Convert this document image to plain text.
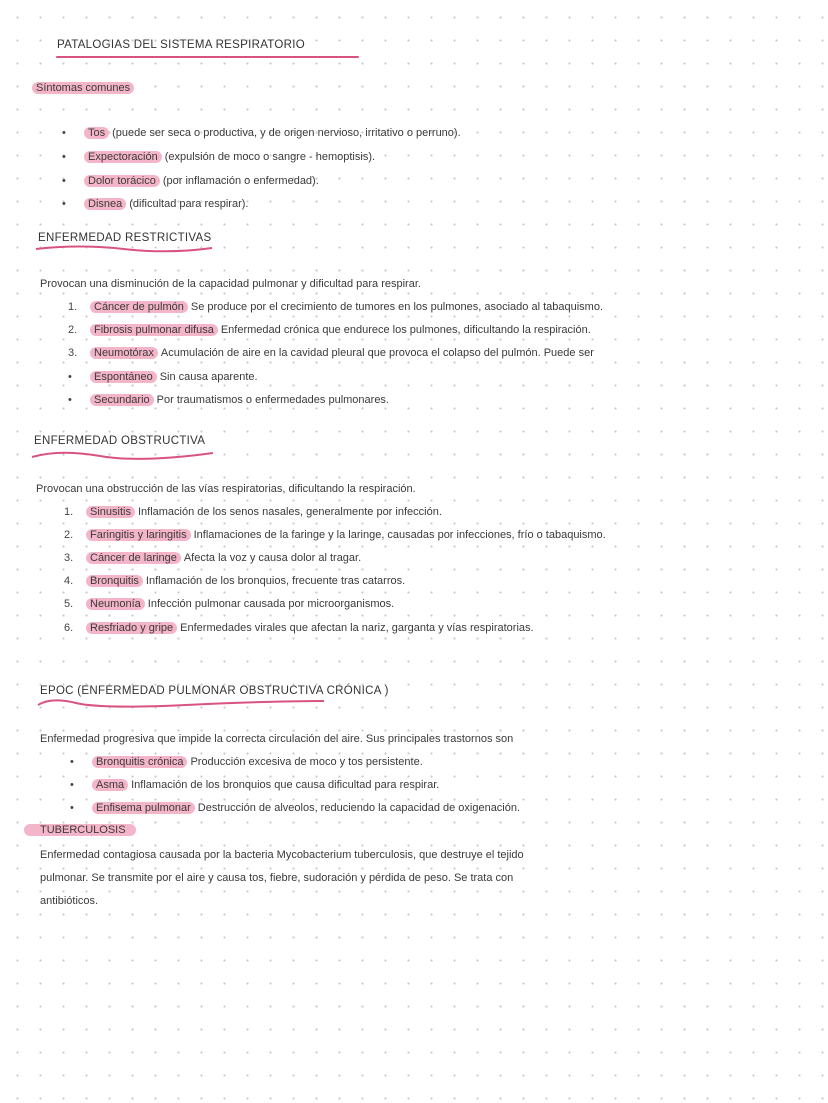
PATALOGIAS DEL SISTEMA RESPIRATORIO
Síntomas comunes
ENFERMEDAD RESTRICTIVAS
Provocan una disminución de la capacidad pulmonar y dificultad para respirar.
ENFERMEDAD OBSTRUCTIVA
Provocan una obstrucción de las vías respiratorias, dificultando la respiración.
EPOC (ENFERMEDAD PULMONAR OBSTRUCTIVA CRÓNICA )
Enfermedad progresiva que impide la correcta circulación del aire. Sus principales trastornos son
TUBERCULOSIS
Enfermedad contagiosa causada por la bacteria Mycobacterium tuberculosis, que destruye el tejido
pulmonar. Se transmite por el aire y causa tos, fiebre, sudoración y pérdida de peso. Se trata con
antibióticos.
• Tos (puede ser seca o productiva, y de origen nervioso, irritativo o perruno).
• Expectoración (expulsión de moco o sangre - hemoptisis).
• Dolor torácico (por inflamación o enfermedad).
• Disnea (dificultad para respirar).
1. Cáncer de pulmón Se produce por el crecimiento de tumores en los pulmones, asociado al tabaquismo.
2. Fibrosis pulmonar difusa Enfermedad crónica que endurece los pulmones, dificultando la respiración.
3. Neumotórax Acumulación de aire en la cavidad pleural que provoca el colapso del pulmón. Puede ser
• Espontáneo Sin causa aparente.
• Secundario Por traumatismos o enfermedades pulmonares.
1. Sinusitis Inflamación de los senos nasales, generalmente por infección.
2. Faringitis y laringitis Inflamaciones de la faringe y la laringe, causadas por infecciones, frío o tabaquismo.
3. Cáncer de laringe Afecta la voz y causa dolor al tragar.
4. Bronquitis Inflamación de los bronquios, frecuente tras catarros.
5. Neumonía Infección pulmonar causada por microorganismos.
6. Resfriado y gripe Enfermedades virales que afectan la nariz, garganta y vías respiratorias.
• Bronquitis crónica Producción excesiva de moco y tos persistente.
• Asma Inflamación de los bronquios que causa dificultad para respirar.
• Enfisema pulmonar Destrucción de alveolos, reduciendo la capacidad de oxigenación.
